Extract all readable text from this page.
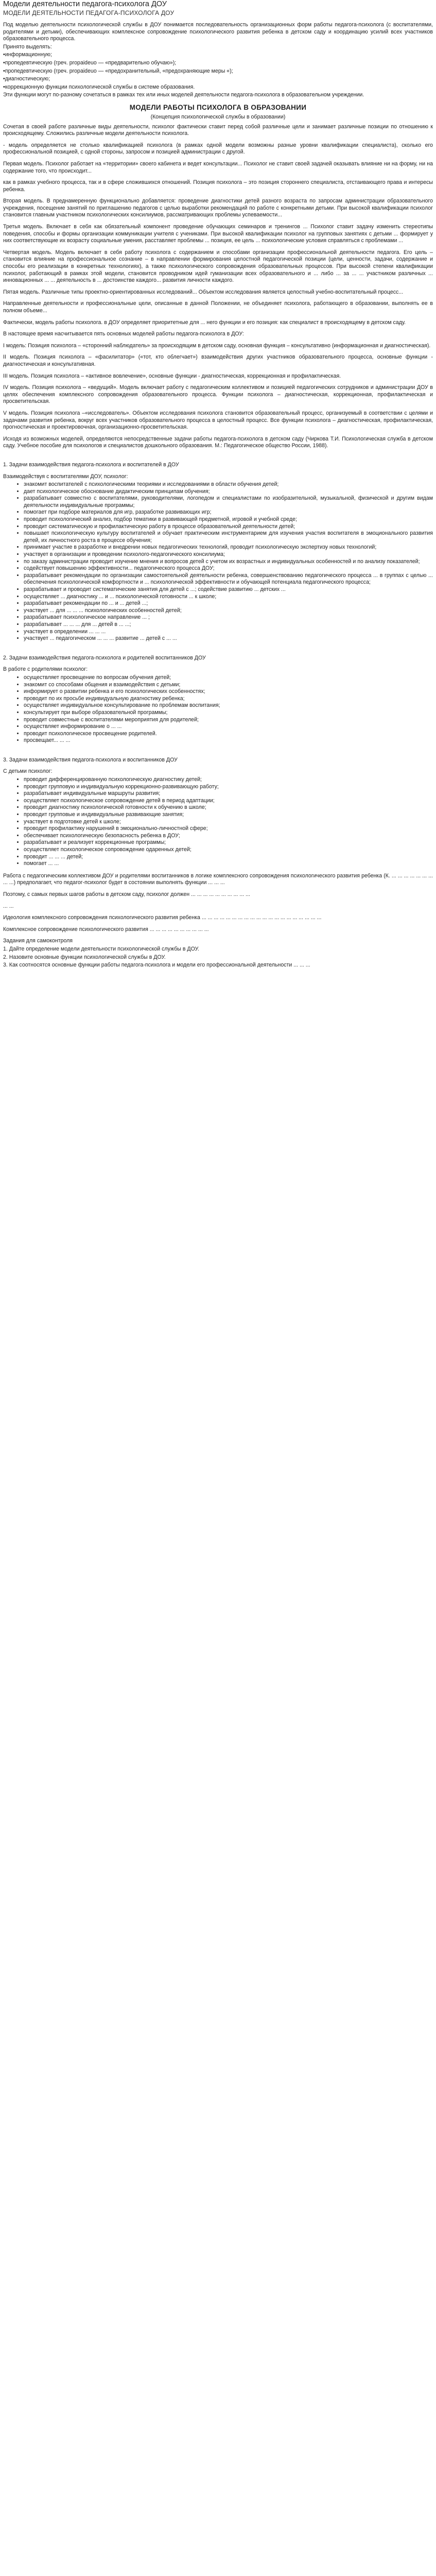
Модели деятельности педагога-психолога ДОУ
МОДЕЛИ ДЕЯТЕЛЬНОСТИ ПЕДАГОГА-ПСИХОЛОГА ДОУ

Под моделью деятельности психологической службы в ДОУ понимается последовательность организационных форм работы педагога-психолога (с воспитателями, родителями и детьми), обеспечивающих комплексное сопровождение психологического развития ребенка в детском саду и координацию усилий всех участников образовательного процесса.

Принято выделять:

•информационную;

•пропедевтическую (греч. propaideuo — «предварительно обучаю»);

•пропедевтическую (греч. propaideuo — «предохранительный, «предохраняющие меры «);

•диагностическую;

•коррекционную функции психологической службы в системе образования.

Эти функции могут по-разному сочетаться в рамках тех или иных моделей деятельности педагога-психолога в образовательном учреждении.

МОДЕЛИ РАБОТЫ ПСИХОЛОГА В ОБРАЗОВАНИИ
(Концепция психологической службы в образовании)

Сочетая в своей работе различные виды деятельности, психолог фактически ставит перед собой различные цели и занимает различные позиции по отношению к происходящему. Сложились различные модели деятельности психолога.

- модель определяется не столько квалификацией психолога (в рамках одной модели возможны разные уровни квалификации специалиста), сколько его профессиональной позицией, с одной стороны, запросом и позицией администрации с другой.

Первая модель. Психолог работает на «территории» своего кабинета и ведет консультации... Психолог не ставит своей задачей оказывать влияние ни на форму, ни на содержание того, что происходит...

как в рамках учебного процесса, так и в сфере сложившихся отношений. Позиция психолога – это позиция стороннего специалиста, отстаивающего права и интересы ребенка.

Вторая модель. В преднамеренную функционально добавляется: проведение диагностики детей разного возраста по запросам администрации образовательного учреждения, посещение занятий по приглашению педагогов с целью выработки рекомендаций по работе с конкретными детьми. При высокой квалификации психолог становится главным участником психологических консилиумов, рассматривающих проблемы успеваемости...

Третья модель. Включает в себя как обязательный компонент проведение обучающих семинаров и тренингов ... Психолог ставит задачу изменить стереотипы поведения, способы и формы организации коммуникации учителя с учениками. При высокой квалификации психолог на групповых занятиях с детьми ... формирует у них соответствующие их возрасту социальные умения, расставляет проблемы ... позиция, ее цель ... психологические условия справляться с проблемами ...

Четвертая модель. Модель включает в себя работу психолога с содержанием и способами организации профессиональной деятельности педагога. Его цель – становится влияние на профессиональное сознание – в направлении формирования целостной педагогической позиции (цели, ценности, задачи, содержание и способы его реализации в конкретных технологиях), а также психологического сопровождения образовательных процессов. При высокой степени квалификации психолог, работающий в рамках этой модели, становится проводником идей гуманизации всех образовательного и ... либо ... за ... ... участником различных ... инновационных ... ... деятельность в ... достоинстве каждого... развития личности каждого.

Пятая модель. Различные типы проектно-ориентированных исследований... Объектом исследования является целостный учебно-воспитательный процесс...

Направленные деятельности и профессиональные цели, описанные в данной Положении, не объединяет психолога, работающего в образовании, выполнять ее в полном объеме...

Фактически, модель работы психолога. в ДОУ определяет приоритетные для ... него функции и его позиция: как специалист в происходящему в детском саду.

В настоящее время насчитывается пять основных моделей работы педагога-психолога в ДОУ:

I модель: Позиция психолога – «сторонний наблюдатель» за происходящим в детском саду, основная функция – консультативно (информационная и диагностическая).

II модель. Позиция психолога – «фасилитатор» («тот, кто облегчает») взаимодействия других участников образовательного процесса, основные функции - диагностическая и консультативная.

III модель. Позиция психолога – «активное вовлечение», основные функции - диагностическая, коррекционная и профилактическая.

IV модель. Позиция психолога – «ведущий». Модель включает работу с педагогическим коллективом и позицией педагогических сотрудников и администрации ДОУ в целях обеспечения комплексного сопровождения образовательного процесса. Функции психолога – диагностическая, коррекционная, профилактическая и просветительская.

V модель. Позиция психолога –«исследователь». Объектом исследования психолога становится образовательный процесс, организуемый в соответствии с целями и задачами развития ребенка, вокруг всех участников образовательного процесса в целостный процесс. Все функции психолога – диагностическая, профилактическая, прогностическая и проектировочная, организационно-просветительская.

Исходя из возможных моделей, определяются непосредственные задачи работы педагога-психолога в детском саду (Чиркова Т.И. Психологическая служба в детском саду. Учебное пособие для психологов и специалистов дошкольного образования. М.: Педагогическое общество России, 1988).

1. Задачи взаимодействия педагога-психолога и воспитателей в ДОУ

Взаимодействуя с воспитателями ДОУ, психолог:

• знакомит воспитателей с психологическими теориями и исследованиями в области обучения детей;
• дает психологическое обоснование дидактическим принципам обучения;
• разрабатывает совместно с воспитателями, руководителями, логопедом и специалистами по изобразительной, музыкальной, физической и другим видам деятельности индивидуальные программы;
• помогает при подборе материалов для игр, разработке развивающих игр;
• проводит психологический анализ, подбор тематики в развивающей предметной, игровой и учебной среде;
• проводит систематическую и профилактическую работу в процессе образовательной деятельности детей;
• повышает психологическую культуру воспитателей и обучает практическим инструментарием для изучения участия воспитателя в эмоционального развития детей, их личностного роста в процессе обучения;
• принимает участие в разработке и внедрении новых педагогических технологий, проводит психологическую экспертизу новых технологий;
• участвует в организации и проведении психолого-педагогического консилиума;
• по заказу администрации проводит изучение мнения и вопросов детей с учетом их возрастных и индивидуальных особенностей и по анализу показателей;
• содействует повышению эффективности... педагогического процесса ДОУ;
• разрабатывает рекомендации по организации самостоятельной деятельности ребенка, совершенствованию педагогического процесса ... в группах с целью ... обеспечения психологической комфортности и ... психологической эффективности и обучающей потенциала педагогического процесса;
• разрабатывает и проводит систематические занятия для детей с ...; содействие развитию ... детских ...
• осуществляет ... диагностику ... и ... психологической готовности ... к школе;
• разрабатывает рекомендации по ... и ... детей ...;
• участвует ... для ... ... ... психологических особенностей детей;
• разрабатывает психологическое направление ... ;
• разрабатывает ... ... ... для ... детей в ... ...;
• участвует в определении ... ... ...
• участвует ... педагогическом ... ... ... развитие ... детей с ... ...

2. Задачи взаимодействия педагога-психолога и родителей воспитанников ДОУ

В работе с родителями психолог:

• осуществляет просвещение по вопросам обучения детей;
• знакомит со способами общения и взаимодействия с детьми;
• информирует о развитии ребенка и его психологических особенностях;
• проводит по их просьбе индивидуальную диагностику ребенка;
• осуществляет индивидуальное консультирование по проблемам воспитания;
• консультирует при выборе образовательной программы;
• проводит совместные с воспитателями мероприятия для родителей;
• осуществляет информирование о ... ...
• проводит психологическое просвещение родителей.
• просвещает... ... ...

3. Задачи взаимодействия педагога-психолога и воспитанников ДОУ

С детьми психолог:

• проводит дифференцированную психологическую диагностику детей;
• проводит групповую и индивидуальную коррекционно-развивающую работу;
• разрабатывает индивидуальные маршруты развития;
• осуществляет психологическое сопровождение детей в период адаптации;
• проводит диагностику психологической готовности к обучению в школе;
• проводит групповые и индивидуальные развивающие занятия;
• участвует в подготовке детей к школе;
• проводит профилактику нарушений в эмоционально-личностной сфере;
• обеспечивает психологическую безопасность ребенка в ДОУ;
• разрабатывает и реализует коррекционные программы;
• осуществляет психологическое сопровождение одаренных детей;
• проводит ... ... ... детей;
• помогает ... ...

Работа с педагогическим коллективом ДОУ и родителями воспитанников в логике комплексного сопровождения психологического развития ребенка (К. ... ... ... ... ... ... ... ... ...) предполагает, что педагог-психолог будет в состоянии выполнять функции ... ... ...

Поэтому, с самых первых шагов работы в детском саду, психолог должен ... ... ... ... ... ... ... ... ... ...

... ...

Идеология комплексного сопровождения психологического развития ребенка ... ... ... ... ... ... ... ... ... ... ... ... ... ... ... ... ... ... ... ...

Комплексное сопровождение психологического развития ... ... ... ... ... ... ... ... ... ...

Задания для самоконтроля

1. Дайте определение модели деятельности психологической службы в ДОУ.

2. Назовите основные функции психологической службы в ДОУ.

3. Как соотносятся основные функции работы педагога-психолога и модели его профессиональной деятельности ... ... ...
